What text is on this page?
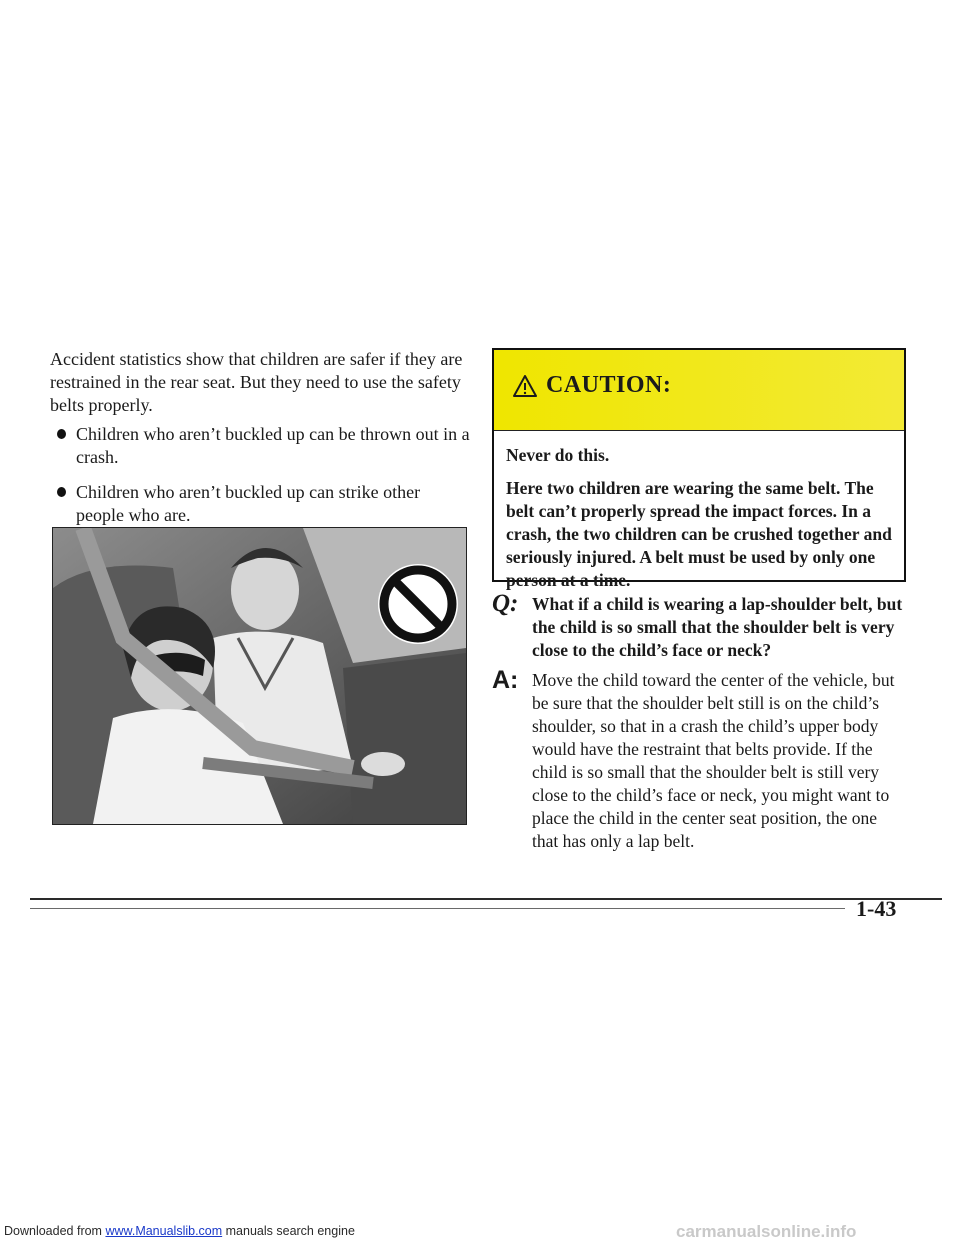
Accident statistics show that children are safer if they are restrained in the rear seat. But they need to use the safety belts properly.
Children who aren’t buckled up can be thrown out in a crash.
Children who aren’t buckled up can strike other people who are.
CAUTION:

Never do this.

Here two children are wearing the same belt. The belt can’t properly spread the impact forces. In a crash, the two children can be crushed together and seriously injured. A belt must be used by only one person at a time.

Q: What if a child is wearing a lap-shoulder belt, but the child is so small that the shoulder belt is very close to the child’s face or neck?
A: Move the child toward the center of the vehicle, but be sure that the shoulder belt still is on the child’s shoulder, so that in a crash the child’s upper body would have the restraint that belts provide. If the child is so small that the shoulder belt is still very close to the child’s face or neck, you might want to place the child in the center seat position, the one that has only a lap belt.
1-43
Downloaded from www.Manualslib.com manuals search engine	carmanualsonline.info
